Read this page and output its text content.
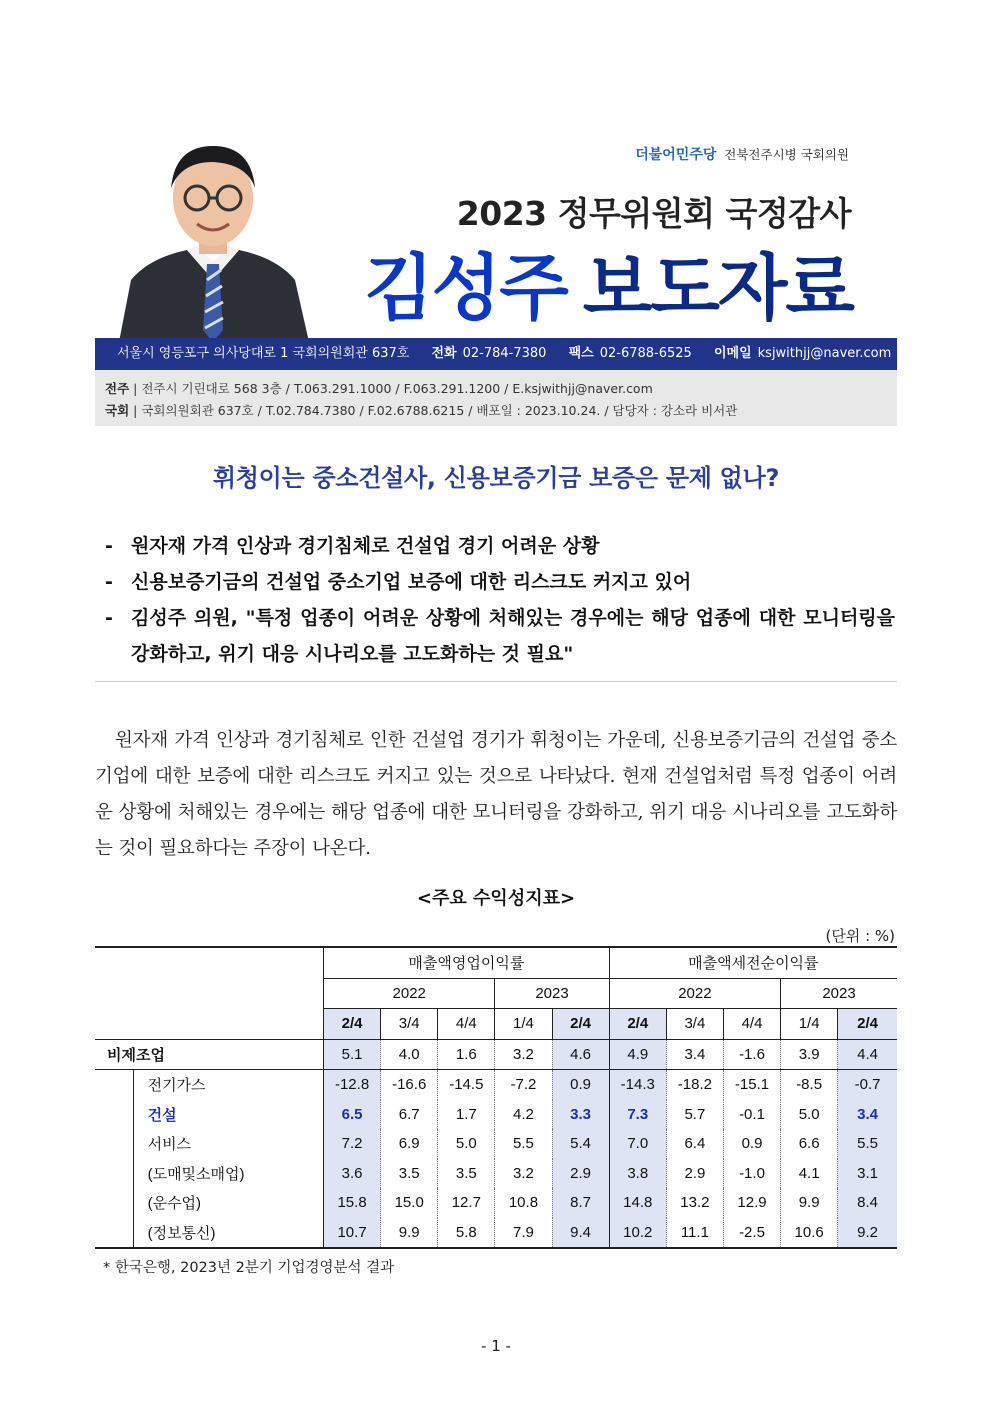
더불어민주당 전북전주시병 국회의원
2023 정무위원회 국정감사
김성주 보도자료
서울시 영등포구 의사당대로 1 국회의원회관 637호 전화 02-784-7380 팩스 02-6788-6525 이메일 ksjwithjj@naver.com
전주 | 전주시 기린대로 568 3층 / T.063.291.1000 / F.063.291.1200 / E.ksjwithjj@naver.com
국회 | 국회의원회관 637호 / T.02.784.7380 / F.02.6788.6215 / 배포일 : 2023.10.24. / 담당자 : 강소라 비서관
휘청이는 중소건설사, 신용보증기금 보증은 문제 없나?
- 원자재 가격 인상과 경기침체로 건설업 경기 어려운 상황
- 신용보증기금의 건설업 중소기업 보증에 대한 리스크도 커지고 있어
- 김성주 의원, "특정 업종이 어려운 상황에 처해있는 경우에는 해당 업종에 대한 모니터링을 강화하고, 위기 대응 시나리오를 고도화하는 것 필요"
원자재 가격 인상과 경기침체로 인한 건설업 경기가 휘청이는 가운데, 신용보증기금의 건설업 중소기업에 대한 보증에 대한 리스크도 커지고 있는 것으로 나타났다. 현재 건설업처럼 특정 업종이 어려운 상황에 처해있는 경우에는 해당 업종에 대한 모니터링을 강화하고, 위기 대응 시나리오를 고도화하는 것이 필요하다는 주장이 나온다.
<주요 수익성지표>
(단위 : %)
		매출액영업이익률					매출액세전순이익률				
		2022			2023		2022			2023	
		2/4	3/4	4/4	1/4	2/4	2/4	3/4	4/4	1/4	2/4
비제조업		5.1	4.0	1.6	3.2	4.6	4.9	3.4	-1.6	3.9	4.4
	전기가스	-12.8	-16.6	-14.5	-7.2	0.9	-14.3	-18.2	-15.1	-8.5	-0.7
	건설	6.5	6.7	1.7	4.2	3.3	7.3	5.7	-0.1	5.0	3.4
	서비스	7.2	6.9	5.0	5.5	5.4	7.0	6.4	0.9	6.6	5.5
	(도매및소매업)	3.6	3.5	3.5	3.2	2.9	3.8	2.9	-1.0	4.1	3.1
	(운수업)	15.8	15.0	12.7	10.8	8.7	14.8	13.2	12.9	9.9	8.4
	(정보통신)	10.7	9.9	5.8	7.9	9.4	10.2	11.1	-2.5	10.6	9.2
* 한국은행, 2023년 2분기 기업경영분석 결과
- 1 -
